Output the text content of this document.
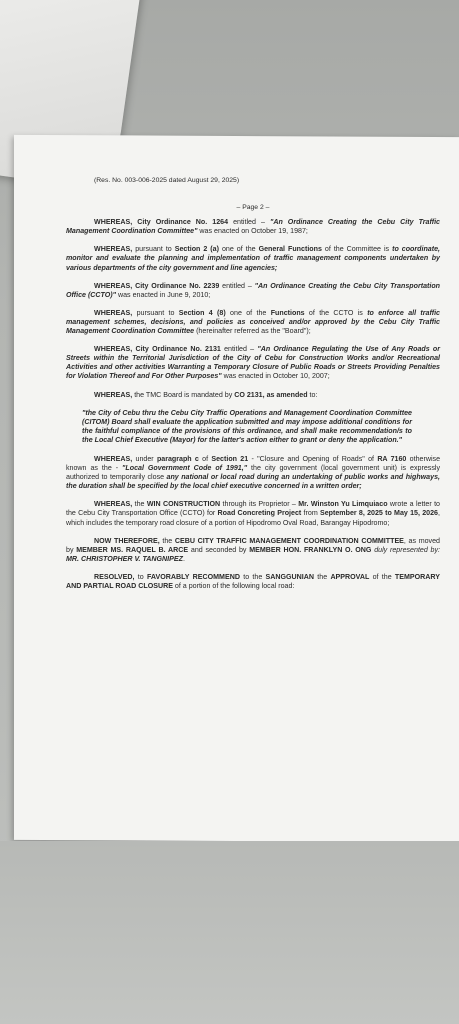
(Res. No. 003-006-2025 dated August 29, 2025)
– Page 2 –

WHEREAS, City Ordinance No. 1264 entitled – "An Ordinance Creating the Cebu City Traffic Management Coordination Committee" was enacted on October 19, 1987;

WHEREAS, pursuant to Section 2 (a) one of the General Functions of the Committee is to coordinate, monitor and evaluate the planning and implementation of traffic management components undertaken by various departments of the city government and line agencies;

WHEREAS, City Ordinance No. 2239 entitled – "An Ordinance Creating the Cebu City Transportation Office (CCTO)" was enacted in June 9, 2010;

WHEREAS, pursuant to Section 4 (8) one of the Functions of the CCTO is to enforce all traffic management schemes, decisions, and policies as conceived and/or approved by the Cebu City Traffic Management Coordination Committee (hereinafter referred as the "Board");

WHEREAS, City Ordinance No. 2131 entitled – "An Ordinance Regulating the Use of Any Roads or Streets within the Territorial Jurisdiction of the City of Cebu for Construction Works and/or Recreational Activities and other activities Warranting a Temporary Closure of Public Roads or Streets Providing Penalties for Violation Thereof and For Other Purposes" was enacted in October 10, 2007;

WHEREAS, the TMC Board is mandated by CO 2131, as amended to:

"the City of Cebu thru the Cebu City Traffic Operations and Management Coordination Committee (CITOM) Board shall evaluate the application submitted and may impose additional conditions for the faithful compliance of the provisions of this ordinance, and shall make recommendation/s to the Local Chief Executive (Mayor) for the latter's action either to grant or deny the application."

WHEREAS, under paragraph c of Section 21 - "Closure and Opening of Roads" of RA 7160 otherwise known as the - "Local Government Code of 1991," the city government (local government unit) is expressly authorized to temporarily close any national or local road during an undertaking of public works and highways, the duration shall be specified by the local chief executive concerned in a written order;

WHEREAS, the WIN CONSTRUCTION through its Proprietor – Mr. Winston Yu Limquiaco wrote a letter to the Cebu City Transportation Office (CCTO) for Road Concreting Project from September 8, 2025 to May 15, 2026, which includes the temporary road closure of a portion of Hipodromo Oval Road, Barangay Hipodromo;

NOW THEREFORE, the CEBU CITY TRAFFIC MANAGEMENT COORDINATION COMMITTEE, as moved by MEMBER MS. RAQUEL B. ARCE and seconded by MEMBER HON. FRANKLYN O. ONG duly represented by: MR. CHRISTOPHER V. TANGNIPEZ.

RESOLVED, to FAVORABLY RECOMMEND to the SANGGUNIAN the APPROVAL of the TEMPORARY AND PARTIAL ROAD CLOSURE of a portion of the following local road:
